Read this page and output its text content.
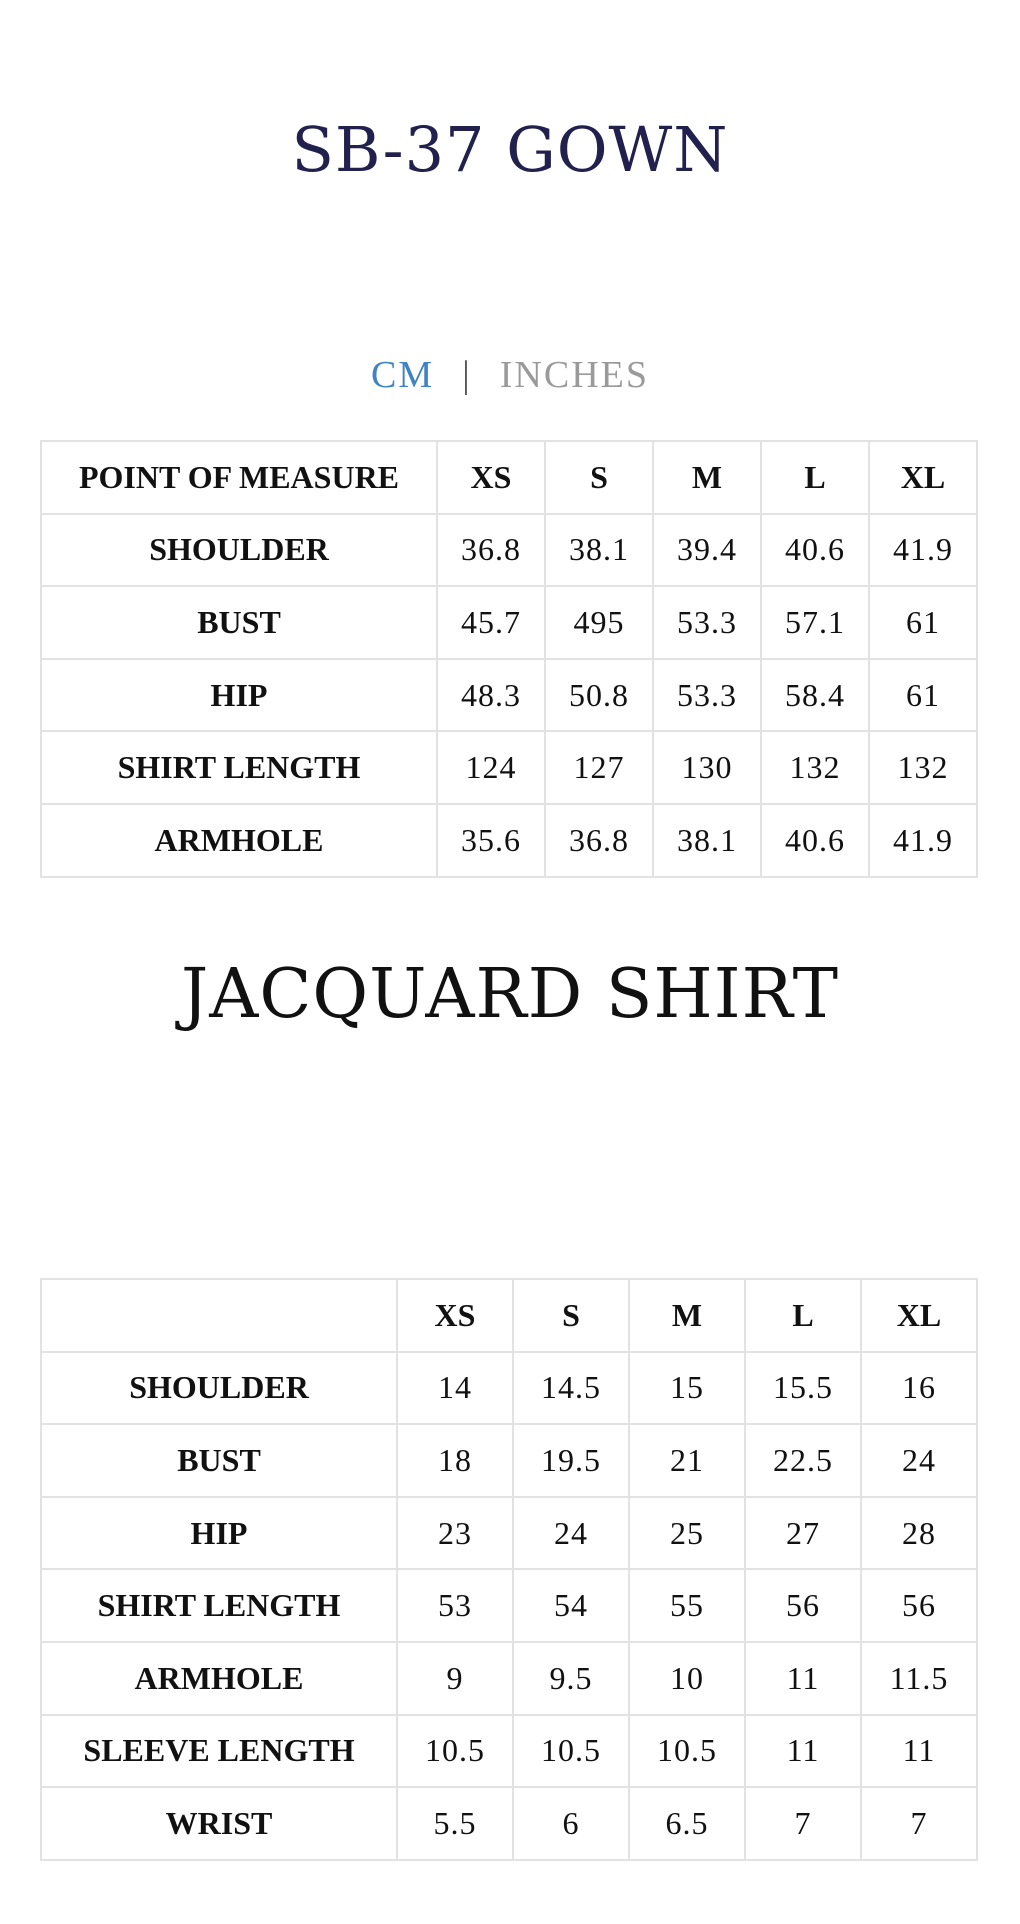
SB-37 GOWN
CM | INCHES
POINT OF MEASURE	XS	S	M	L	XL
SHOULDER	36.8	38.1	39.4	40.6	41.9
BUST	45.7	495	53.3	57.1	61
HIP	48.3	50.8	53.3	58.4	61
SHIRT LENGTH	124	127	130	132	132
ARMHOLE	35.6	36.8	38.1	40.6	41.9
JACQUARD SHIRT
	XS	S	M	L	XL
SHOULDER	14	14.5	15	15.5	16
BUST	18	19.5	21	22.5	24
HIP	23	24	25	27	28
SHIRT LENGTH	53	54	55	56	56
ARMHOLE	9	9.5	10	11	11.5
SLEEVE LENGTH	10.5	10.5	10.5	11	11
WRIST	5.5	6	6.5	7	7
